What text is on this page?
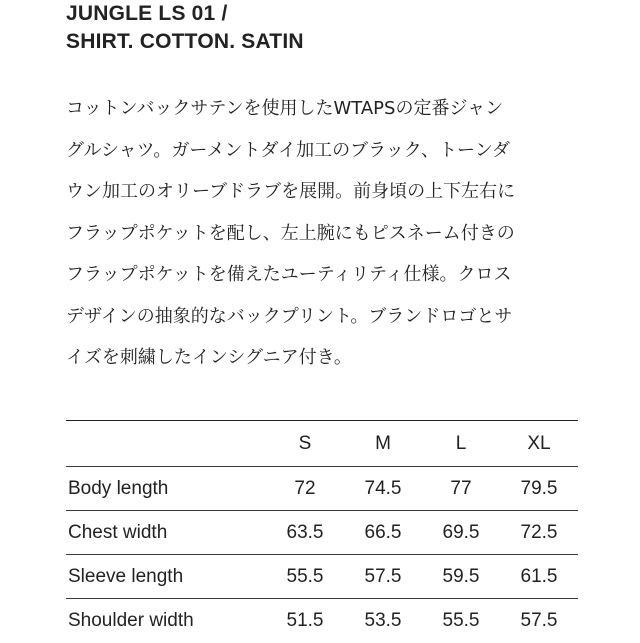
JUNGLE LS 01 /
SHIRT. COTTON. SATIN
コットンバックサテンを使用したWTAPSの定番ジャン
グルシャツ。ガーメントダイ加工のブラック、トーンダ
ウン加工のオリーブドラブを展開。前身頃の上下左右に
フラップポケットを配し、左上腕にもピスネーム付きの
フラップポケットを備えたユーティリティ仕様。クロス
デザインの抽象的なバックプリント。ブランドロゴとサ
イズを刺繍したインシグニア付き。
	S	M	L	XL
Body length	72	74.5	77	79.5
Chest width	63.5	66.5	69.5	72.5
Sleeve length	55.5	57.5	59.5	61.5
Shoulder width	51.5	53.5	55.5	57.5
